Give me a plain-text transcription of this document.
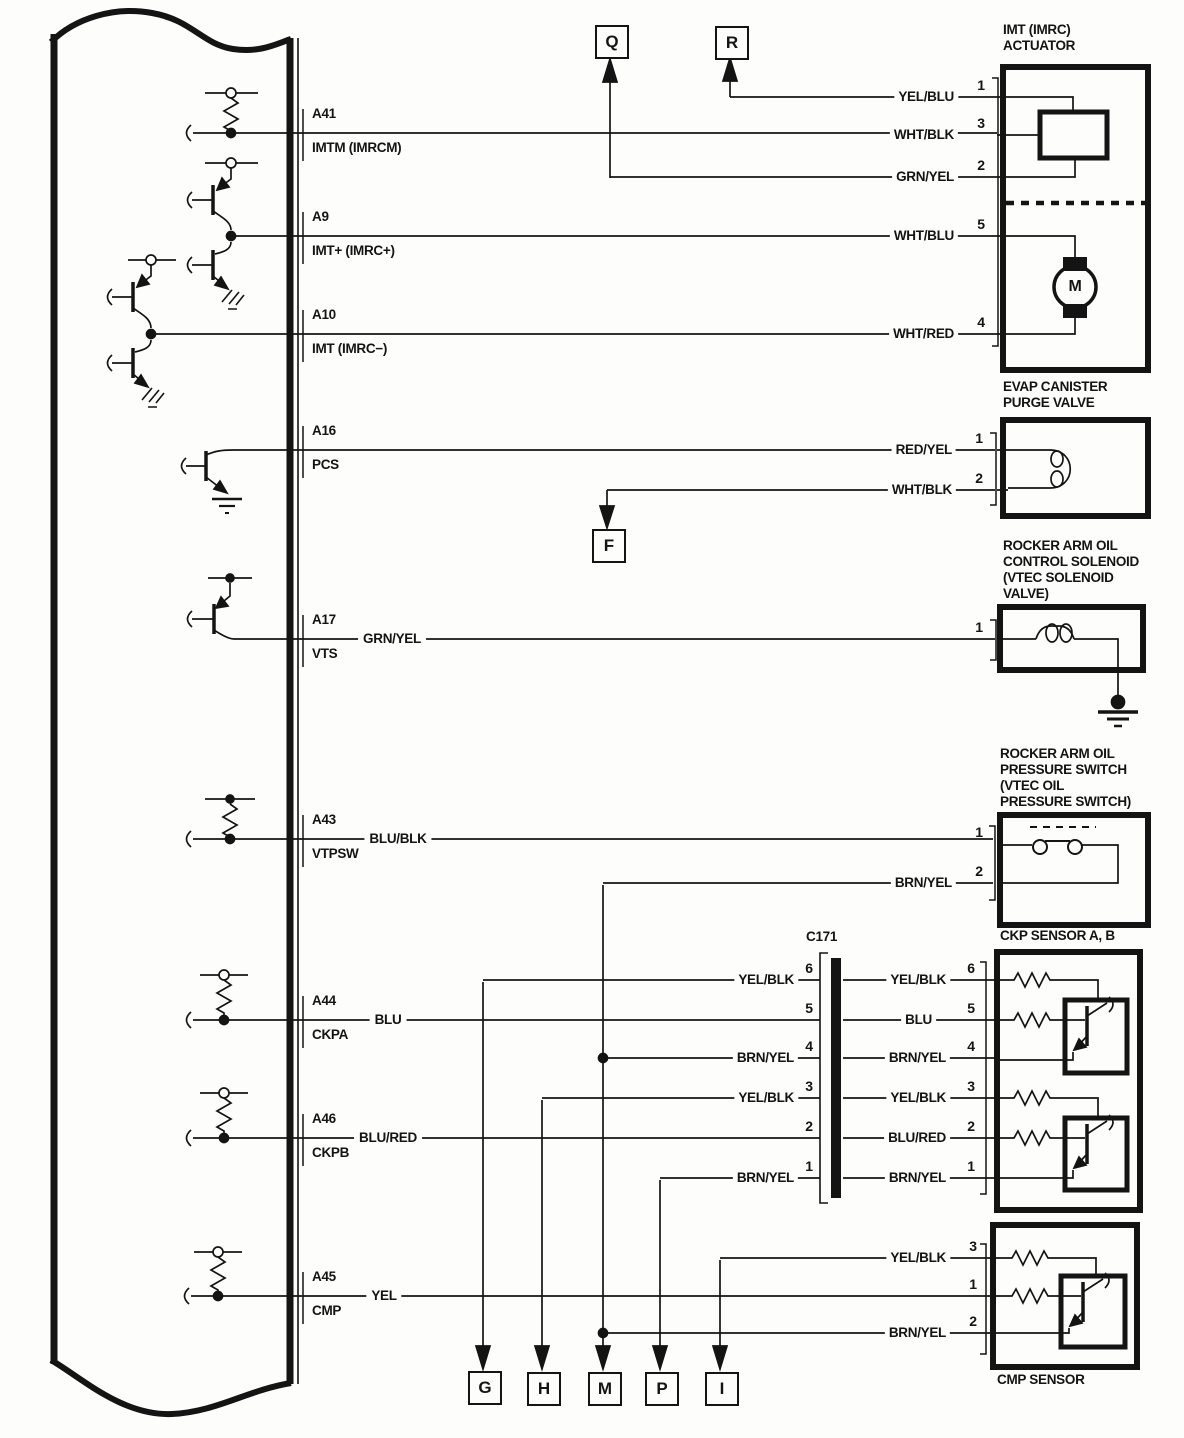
A41
IMTM (IMRCM)
A9
IMT+ (IMRC+)
A10
IMT (IMRC−)
A16
PCS
A17
VTS
A43
VTPSW
A44
CKPA
A46
CKPB
A45
CMP
GRN/YEL
BLU/BLK
BLU
BLU/RED
YEL
YEL/BLU
WHT/BLK
GRN/YEL
WHT/BLU
WHT/RED
RED/YEL
WHT/BLK
BRN/YEL
YEL/BLK
BRN/YEL
YEL/BLK
BRN/YEL
YEL/BLK
BLU
BRN/YEL
YEL/BLK
BLU/RED
BRN/YEL
YEL/BLK
BRN/YEL
1
3
2
5
4
1
2
1
1
2
6
5
4
3
2
1
6
5
4
3
2
1
3
1
2
IMT (IMRC)
ACTUATOR
EVAP CANISTER
PURGE VALVE
ROCKER ARM OIL
CONTROL SOLENOID
(VTEC SOLENOID
VALVE)
ROCKER ARM OIL
PRESSURE SWITCH
(VTEC OIL
PRESSURE SWITCH)
CKP SENSOR A, B
C171
CMP SENSOR
M
Q	R
F
G	H	M	P	I
